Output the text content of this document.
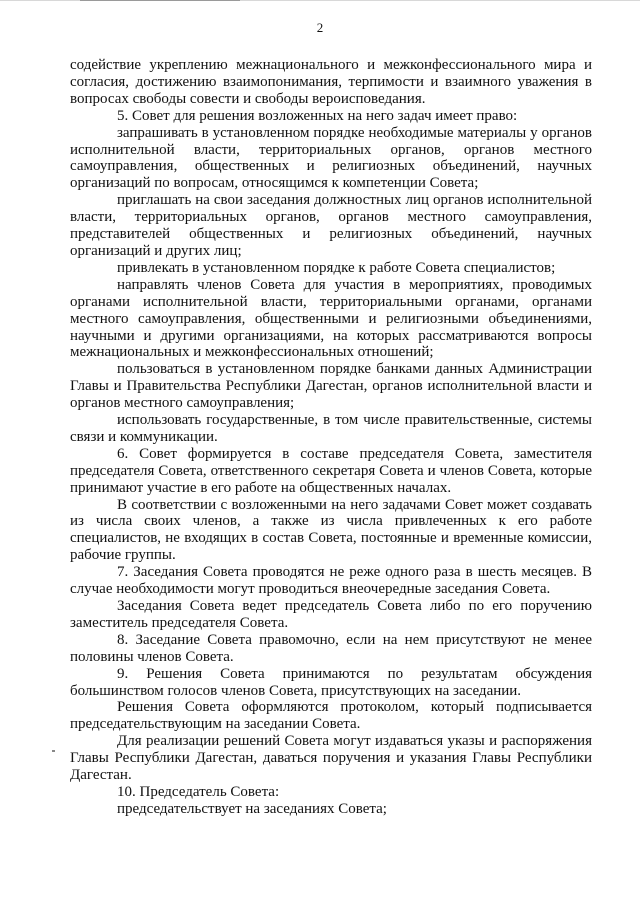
2

содействие укреплению межнационального и межконфессионального мира и согласия, достижению взаимопонимания, терпимости и взаимного уважения в вопросах свободы совести и свободы вероисповедания.

5. Совет для решения возложенных на него задач имеет право:

запрашивать в установленном порядке необходимые материалы у органов исполнительной власти, территориальных органов, органов местного самоуправления, общественных и религиозных объединений, научных организаций по вопросам, относящимся к компетенции Совета;

приглашать на свои заседания должностных лиц органов исполнительной власти, территориальных органов, органов местного самоуправления, представителей общественных и религиозных объединений, научных организаций и других лиц;

привлекать в установленном порядке к работе Совета специалистов;

направлять членов Совета для участия в мероприятиях, проводимых органами исполнительной власти, территориальными органами, органами местного самоуправления, общественными и религиозными объединениями, научными и другими организациями, на которых рассматриваются вопросы межнациональных и межконфессиональных отношений;

пользоваться в установленном порядке банками данных Администрации Главы и Правительства Республики Дагестан, органов исполнительной власти и органов местного самоуправления;

использовать государственные, в том числе правительственные, системы связи и коммуникации.

6. Совет формируется в составе председателя Совета, заместителя председателя Совета, ответственного секретаря Совета и членов Совета, которые принимают участие в его работе на общественных началах.

В соответствии с возложенными на него задачами Совет может создавать из числа своих членов, а также из числа привлеченных к его работе специалистов, не входящих в состав Совета, постоянные и временные комиссии, рабочие группы.

7. Заседания Совета проводятся не реже одного раза в шесть месяцев. В случае необходимости могут проводиться внеочередные заседания Совета.

Заседания Совета ведет председатель Совета либо по его поручению заместитель председателя Совета.

8. Заседание Совета правомочно, если на нем присутствуют не менее половины членов Совета.

9. Решения Совета принимаются по результатам обсуждения большинством голосов членов Совета, присутствующих на заседании.

Решения Совета оформляются протоколом, который подписывается председательствующим на заседании Совета.

Для реализации решений Совета могут издаваться указы и распоряжения Главы Республики Дагестан, даваться поручения и указания Главы Республики Дагестан.

10. Председатель Совета:

председательствует на заседаниях Совета;
